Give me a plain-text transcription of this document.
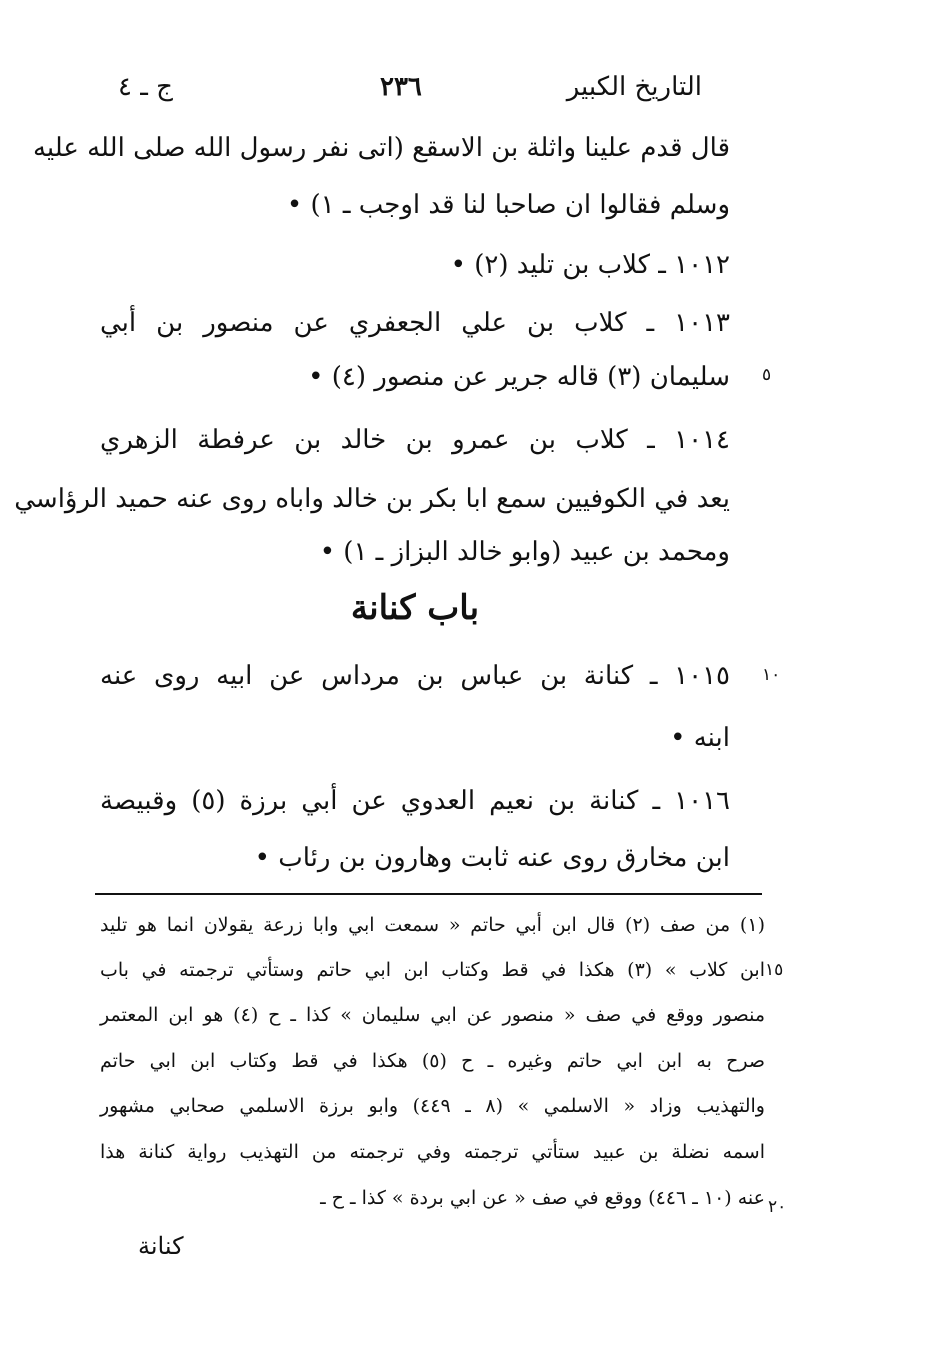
التاريخ الكبير
٢٣٦
ج ـ ٤
قال قدم علينا واثلة بن الاسقع (اتى نفر رسول الله صلى الله عليه
وسلم فقالوا ان صاحبا لنا قد اوجب ـ ١) •
١٠١٢ ـ كلاب بن تليد (٢) •
١٠١٣ ـ كلاب بن علي الجعفري عن منصور بن أبي
سليمان (٣) قاله جرير عن منصور (٤) •
١٠١٤ ـ كلاب بن عمرو بن خالد بن عرفطة الزهري
يعد في الكوفيين سمع ابا بكر بن خالد واباه روى عنه حميد الرؤاسي
ومحمد بن عبيد (وابو خالد البزاز ـ ١) •
٥
باب كنانة
١٠
١٠١٥ ـ كنانة بن عباس بن مرداس عن ابيه روى عنه
ابنه •
١٠١٦ ـ كنانة بن نعيم العدوي عن أبي برزة (٥) وقبيصة
ابن مخارق روى عنه ثابت وهارون بن رئاب •
(١) من صف (٢) قال ابن أبي حاتم « سمعت ابي وابا زرعة يقولان انما هو تليد
ابن كلاب » (٣) هكذا في قط وكتاب ابن ابي حاتم وستأتي ترجمته في باب
منصور ووقع في صف « منصور عن ابي سليمان » كذا ـ ح (٤) هو ابن المعتمر
صرح به ابن ابي حاتم وغيره ـ ح (٥) هكذا في قط وكتاب ابن ابي حاتم
والتهذيب وزاد « الاسلمي » (٨ ـ ٤٤٩) وابو برزة الاسلمي صحابي مشهور
اسمه نضلة بن عبيد ستأتي ترجمته وفي ترجمته من التهذيب رواية كنانة هذا
عنه (١٠ ـ ٤٤٦) ووقع في صف « عن ابي بردة » كذا ـ ح ـ
١٥
٢٠
كنانة
